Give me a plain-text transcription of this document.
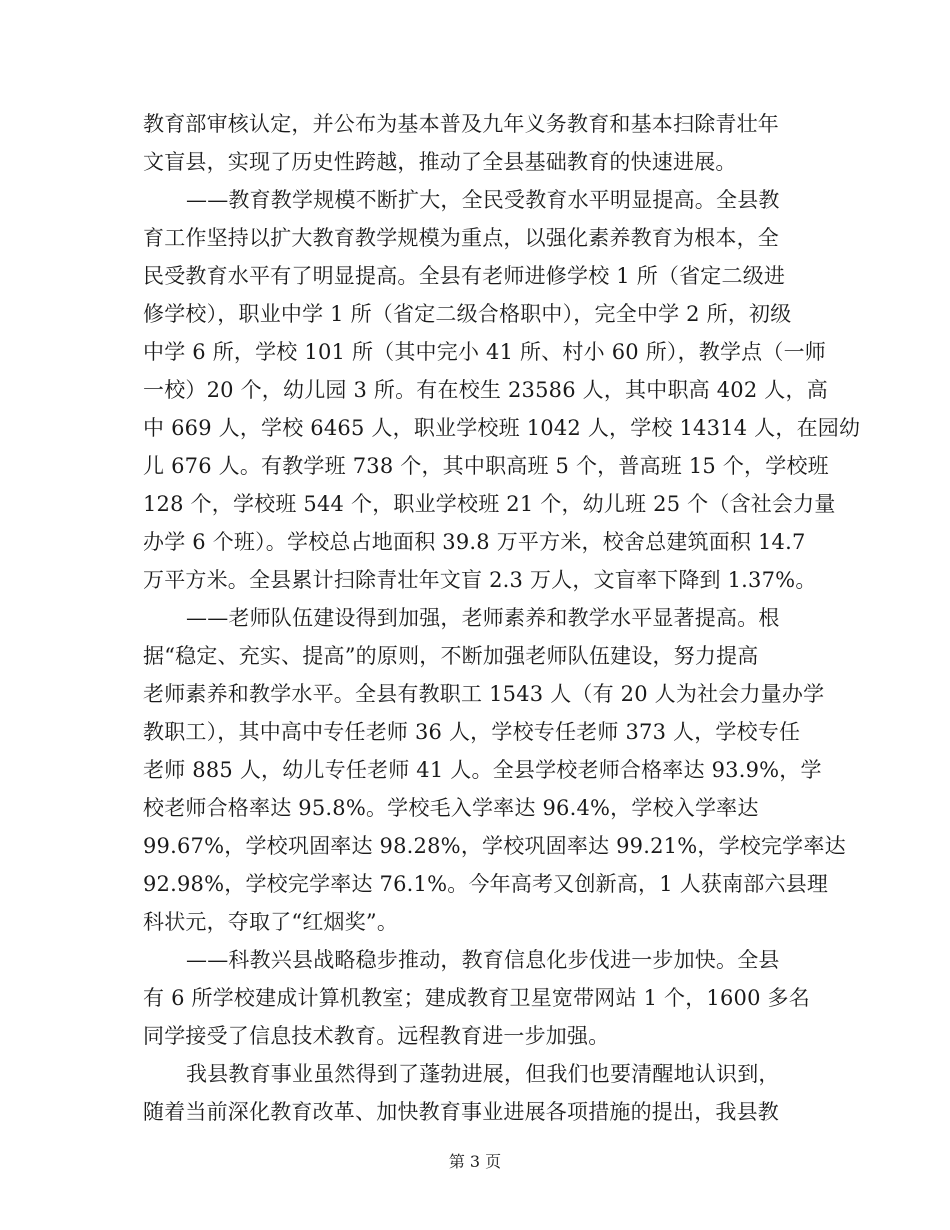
教育部审核认定，并公布为基本普及九年义务教育和基本扫除青壮年
文盲县，实现了历史性跨越，推动了全县基础教育的快速进展。
——教育教学规模不断扩大，全民受教育水平明显提高。全县教
育工作坚持以扩大教育教学规模为重点，以强化素养教育为根本，全
民受教育水平有了明显提高。全县有老师进修学校 1 所（省定二级进
修学校），职业中学 1 所（省定二级合格职中），完全中学 2 所，初级
中学 6 所，学校 101 所（其中完小 41 所、村小 60 所），教学点（一师
一校）20 个，幼儿园 3 所。有在校生 23586 人，其中职高 402 人，高
中 669 人，学校 6465 人，职业学校班 1042 人，学校 14314 人，在园幼
儿 676 人。有教学班 738 个，其中职高班 5 个，普高班 15 个，学校班
128 个，学校班 544 个，职业学校班 21 个，幼儿班 25 个（含社会力量
办学 6 个班）。学校总占地面积 39.8 万平方米，校舍总建筑面积 14.7
万平方米。全县累计扫除青壮年文盲 2.3 万人，文盲率下降到 1.37%。
——老师队伍建设得到加强，老师素养和教学水平显著提高。根
据“稳定、充实、提高”的原则，不断加强老师队伍建设，努力提高
老师素养和教学水平。全县有教职工 1543 人（有 20 人为社会力量办学
教职工），其中高中专任老师 36 人，学校专任老师 373 人，学校专任
老师 885 人，幼儿专任老师 41 人。全县学校老师合格率达 93.9%，学
校老师合格率达 95.8%。学校毛入学率达 96.4%，学校入学率达
99.67%，学校巩固率达 98.28%，学校巩固率达 99.21%，学校完学率达
92.98%，学校完学率达 76.1%。今年高考又创新高，1 人获南部六县理
科状元，夺取了“红烟奖”。
——科教兴县战略稳步推动，教育信息化步伐进一步加快。全县
有 6 所学校建成计算机教室；建成教育卫星宽带网站 1 个，1600 多名
同学接受了信息技术教育。远程教育进一步加强。
我县教育事业虽然得到了蓬勃进展，但我们也要清醒地认识到，
随着当前深化教育改革、加快教育事业进展各项措施的提出，我县教
第 3 页
